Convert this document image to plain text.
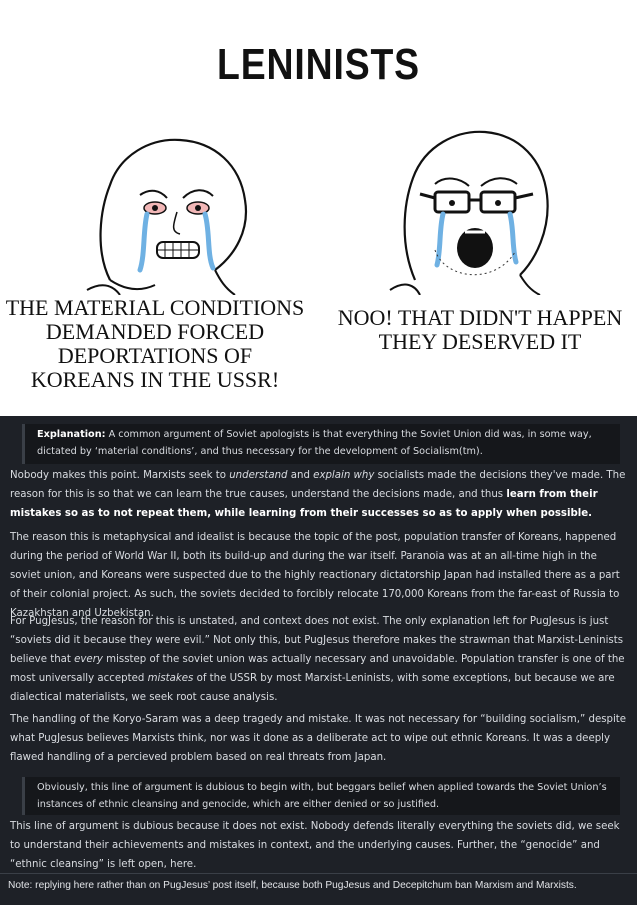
LENINISTS
THE MATERIAL CONDITIONS DEMANDED FORCED DEPORTATIONS OF KOREANS IN THE USSR!
NOO! THAT DIDN'T HAPPEN THEY DESERVED IT
Explanation: A common argument of Soviet apologists is that everything the Soviet Union did was, in some way, dictated by ‘material conditions’, and thus necessary for the development of Socialism(tm).
Nobody makes this point. Marxists seek to understand and explain why socialists made the decisions they've made. The reason for this is so that we can learn the true causes, understand the decisions made, and thus learn from their mistakes so as to not repeat them, while learning from their successes so as to apply when possible.
The reason this is metaphysical and idealist is because the topic of the post, population transfer of Koreans, happened during the period of World War II, both its build-up and during the war itself. Paranoia was at an all-time high in the soviet union, and Koreans were suspected due to the highly reactionary dictatorship Japan had installed there as a part of their colonial project. As such, the soviets decided to forcibly relocate 170,000 Koreans from the far-east of Russia to Kazakhstan and Uzbekistan.
For PugJesus, the reason for this is unstated, and context does not exist. The only explanation left for PugJesus is just “soviets did it because they were evil.” Not only this, but PugJesus therefore makes the strawman that Marxist-Leninists believe that every misstep of the soviet union was actually necessary and unavoidable. Population transfer is one of the most universally accepted mistakes of the USSR by most Marxist-Leninists, with some exceptions, but because we are dialectical materialists, we seek root cause analysis.
The handling of the Koryo-Saram was a deep tragedy and mistake. It was not necessary for “building socialism,” despite what PugJesus believes Marxists think, nor was it done as a deliberate act to wipe out ethnic Koreans. It was a deeply flawed handling of a percieved problem based on real threats from Japan.
Obviously, this line of argument is dubious to begin with, but beggars belief when applied towards the Soviet Union’s instances of ethnic cleansing and genocide, which are either denied or so justified.
This line of argument is dubious because it does not exist. Nobody defends literally everything the soviets did, we seek to understand their achievements and mistakes in context, and the underlying causes. Further, the “genocide” and “ethnic cleansing” is left open, here.
Note: replying here rather than on PugJesus’ post itself, because both PugJesus and Decepitchum ban Marxism and Marxists.
